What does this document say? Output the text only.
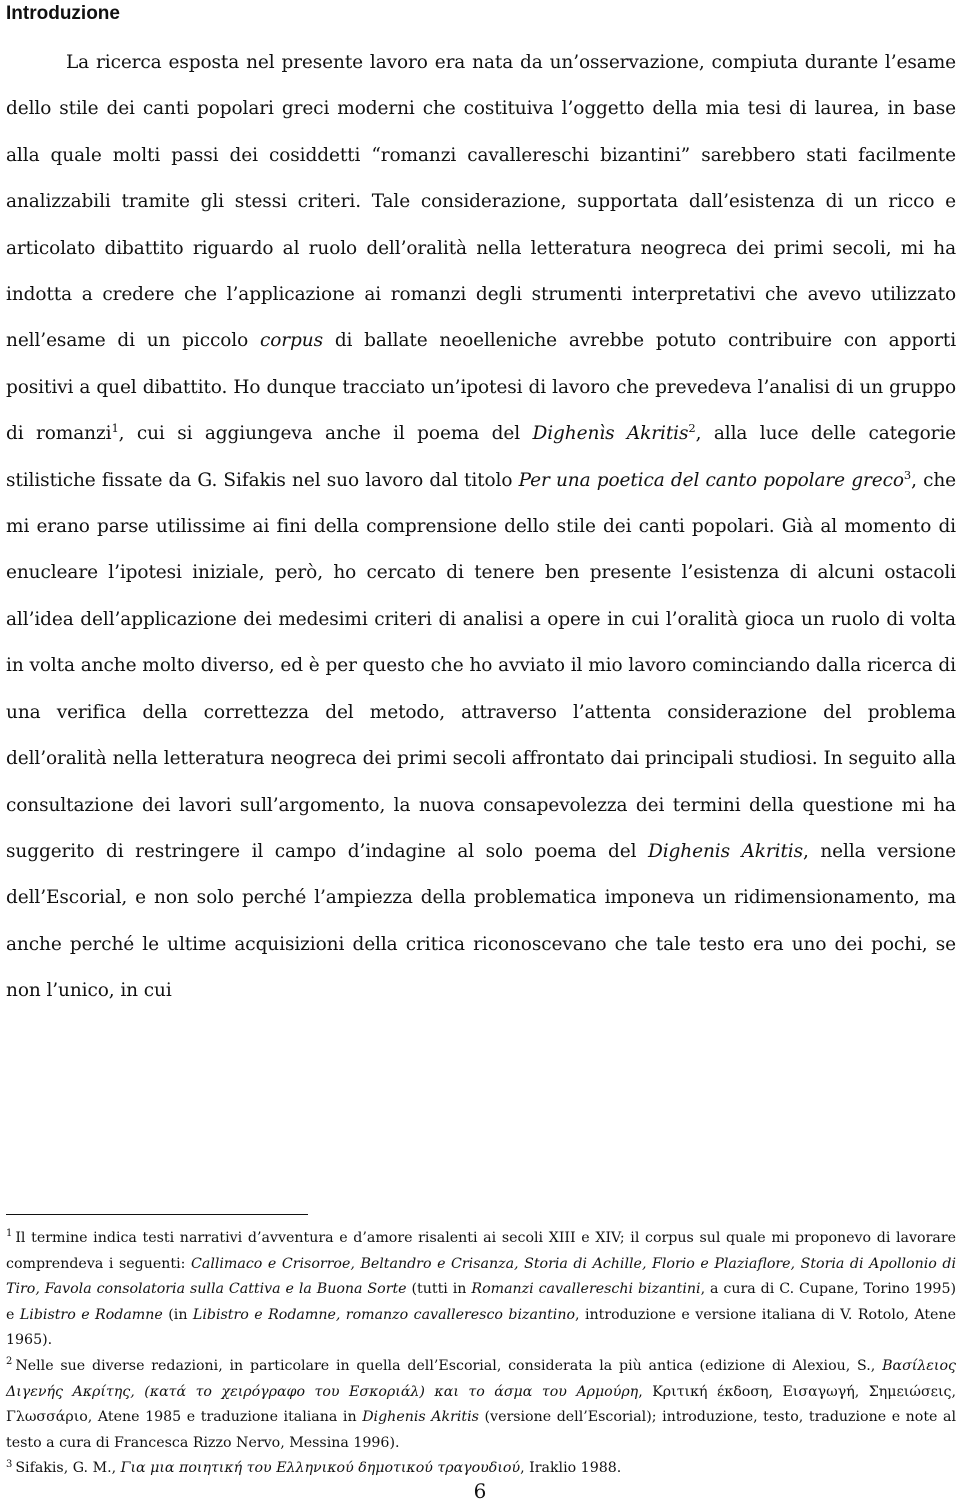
Introduzione

La ricerca esposta nel presente lavoro era nata da un’osservazione, compiuta durante l’esame dello stile dei canti popolari greci moderni che costituiva l’oggetto della mia tesi di laurea, in base alla quale molti passi dei cosiddetti “romanzi cavallereschi bizantini” sarebbero stati facilmente analizzabili tramite gli stessi criteri. Tale considerazione, supportata dall’esistenza di un ricco e articolato dibattito riguardo al ruolo dell’oralità nella letteratura neogreca dei primi secoli, mi ha indotta a credere che l’applicazione ai romanzi degli strumenti interpretativi che avevo utilizzato nell’esame di un piccolo corpus di ballate neoelleniche avrebbe potuto contribuire con apporti positivi a quel dibattito. Ho dunque tracciato un’ipotesi di lavoro che prevedeva l’analisi di un gruppo di romanzi$^1$, cui si aggiungeva anche il poema del Dighenìs Akritis$^2$, alla luce delle categorie stilistiche fissate da G. Sifakis nel suo lavoro dal titolo Per una poetica del canto popolare greco$^3$, che mi erano parse utilissime ai fini della comprensione dello stile dei canti popolari. Già al momento di enucleare l’ipotesi iniziale, però, ho cercato di tenere ben presente l’esistenza di alcuni ostacoli all’idea dell’applicazione dei medesimi criteri di analisi a opere in cui l’oralità gioca un ruolo di volta in volta anche molto diverso, ed è per questo che ho avviato il mio lavoro cominciando dalla ricerca di una verifica della correttezza del metodo, attraverso l’attenta considerazione del problema dell’oralità nella letteratura neogreca dei primi secoli affrontato dai principali studiosi. In seguito alla consultazione dei lavori sull’argomento, la nuova consapevolezza dei termini della questione mi ha suggerito di restringere il campo d’indagine al solo poema del Dighenis Akritis, nella versione dell’Escorial, e non solo perché l’ampiezza della problematica imponeva un ridimensionamento, ma anche perché le ultime acquisizioni della critica riconoscevano che tale testo era uno dei pochi, se non l’unico, in cui

$^1$ Il termine indica testi narrativi d’avventura e d’amore risalenti ai secoli XIII e XIV; il corpus sul quale mi proponevo di lavorare comprendeva i seguenti: Callimaco e Crisorroe, Beltandro e Crisanza, Storia di Achille, Florio e Plaziaflore, Storia di Apollonio di Tiro, Favola consolatoria sulla Cattiva e la Buona Sorte (tutti in Romanzi cavallereschi bizantini, a cura di C. Cupane, Torino 1995) e Libistro e Rodamne (in Libistro e Rodamne, romanzo cavalleresco bizantino, introduzione e versione italiana di V. Rotolo, Atene 1965).

$^2$ Nelle sue diverse redazioni, in particolare in quella dell’Escorial, considerata la più antica (edizione di Alexiou, S., Βασίλειος Διγενής Ακρίτης, (κατά το χειρόγραφο του Εσκοριάλ) και το άσμα του Αρμούρη, Κριτική έκδοση, Εισαγωγή, Σημειώσεις, Γλωσσάριο, Atene 1985 e traduzione italiana in Dighenis Akritis (versione dell’Escorial); introduzione, testo, traduzione e note al testo a cura di Francesca Rizzo Nervo, Messina 1996).

$^3$ Sifakis, G. M., Για μια ποιητική του Ελληνικού δημοτικού τραγουδιού, Iraklio 1988.

6
